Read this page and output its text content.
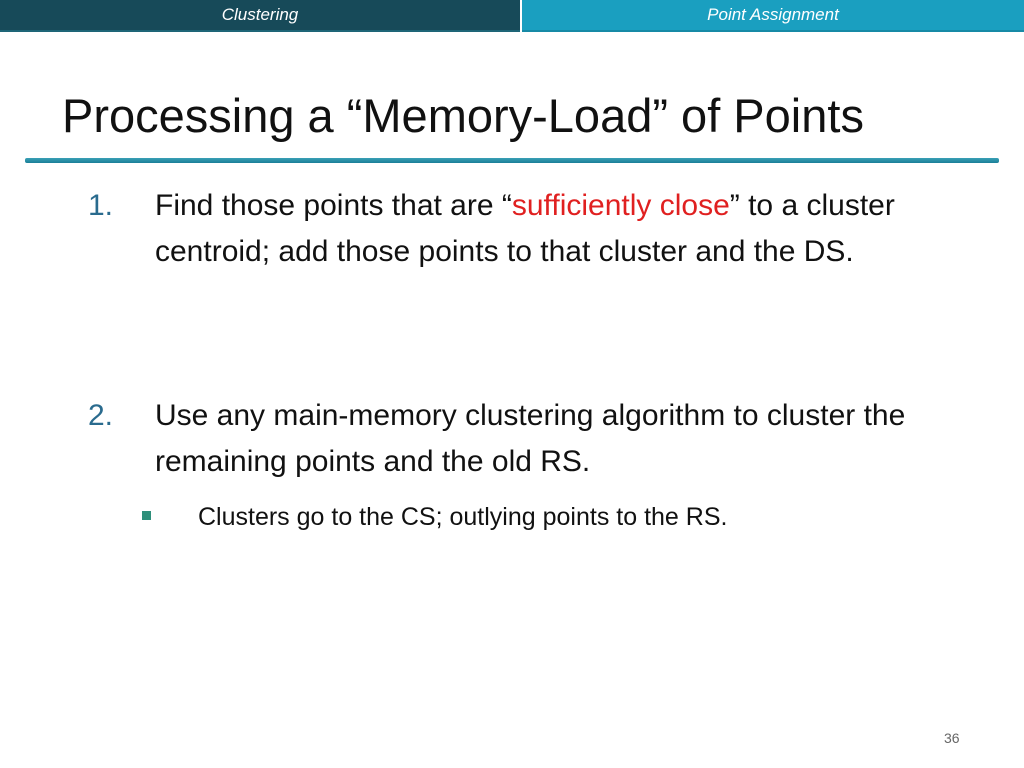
Clustering	Point Assignment
Processing a “Memory-Load” of Points
1. Find those points that are “sufficiently close” to a cluster centroid; add those points to that cluster and the DS.
2. Use any main-memory clustering algorithm to cluster the remaining points and the old RS.
Clusters go to the CS; outlying points to the RS.
36
